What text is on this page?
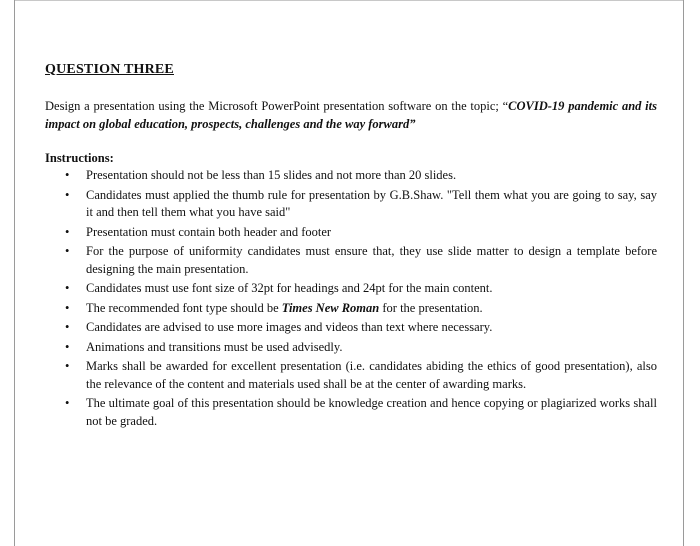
QUESTION THREE
Design a presentation using the Microsoft PowerPoint presentation software on the topic; “COVID-19 pandemic and its impact on global education, prospects, challenges and the way forward”
Instructions:
• Presentation should not be less than 15 slides and not more than 20 slides.
• Candidates must applied the thumb rule for presentation by G.B.Shaw. "Tell them what you are going to say, say it and then tell them what you have said"
• Presentation must contain both header and footer
• For the purpose of uniformity candidates must ensure that, they use slide matter to design a template before designing the main presentation.
• Candidates must use font size of 32pt for headings and 24pt for the main content.
• The recommended font type should be Times New Roman for the presentation.
• Candidates are advised to use more images and videos than text where necessary.
• Animations and transitions must be used advisedly.
• Marks shall be awarded for excellent presentation (i.e. candidates abiding the ethics of good presentation), also the relevance of the content and materials used shall be at the center of awarding marks.
• The ultimate goal of this presentation should be knowledge creation and hence copying or plagiarized works shall not be graded.
